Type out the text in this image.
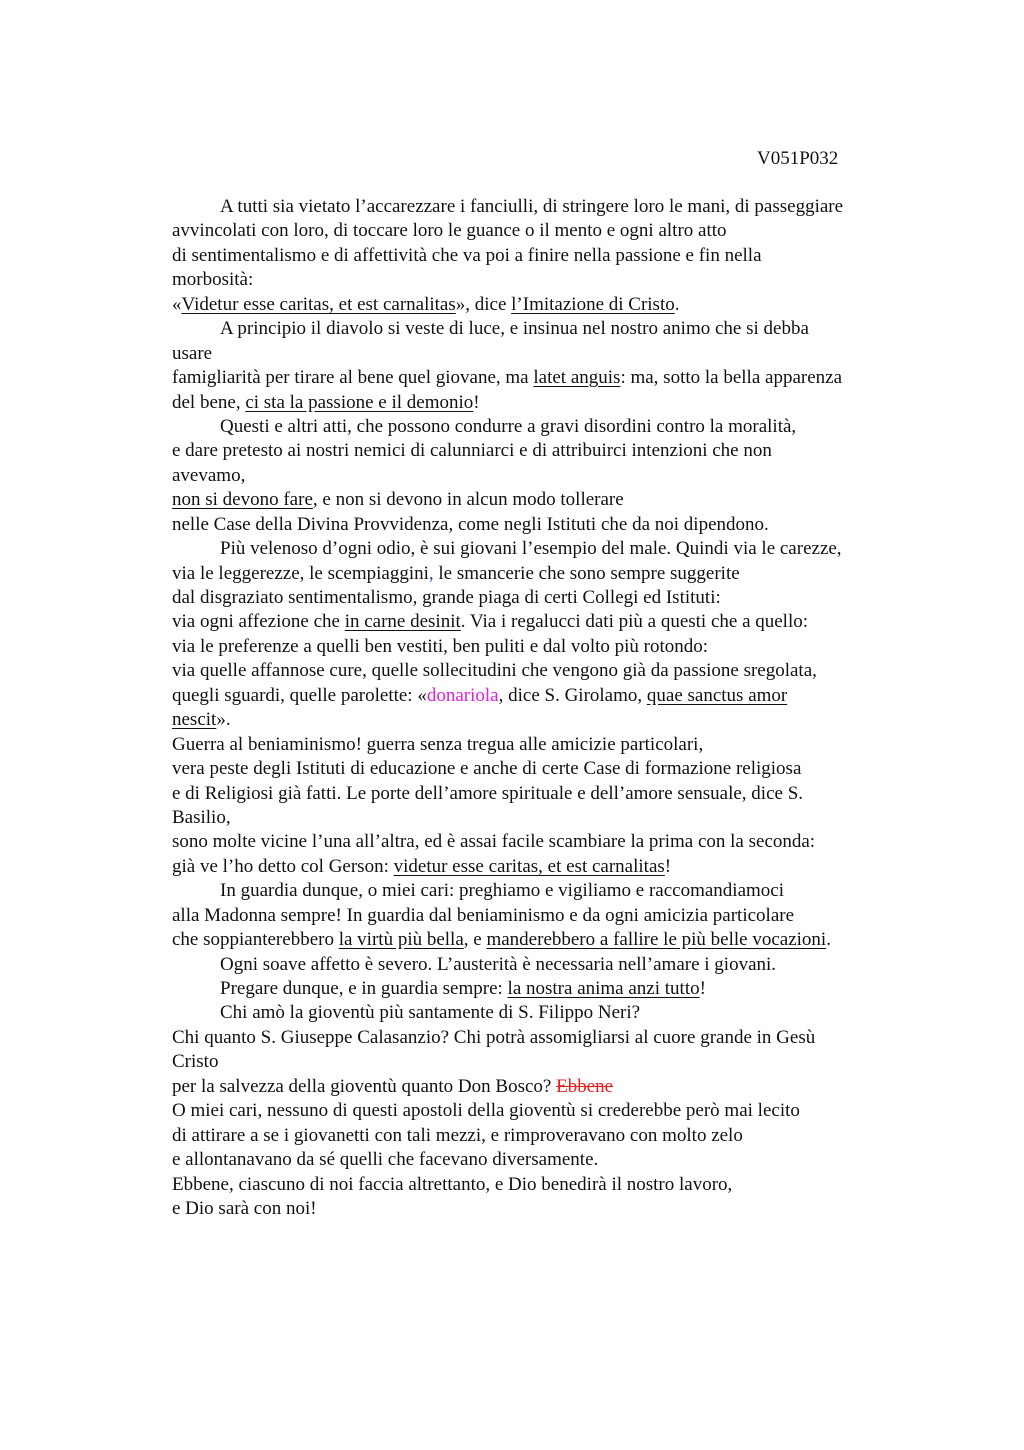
V051P032
A tutti sia vietato l’accarezzare i fanciulli, di stringere loro le mani, di passeggiare
avvincolati con loro, di toccare loro le guance o il mento e ogni altro atto
di sentimentalismo e di affettività che va poi a finire nella passione e fin nella
morbosità:
«Videtur esse caritas, et est carnalitas», dice l’Imitazione di Cristo.
A principio il diavolo si veste di luce, e insinua nel nostro animo che si debba
usare
famigliarità per tirare al bene quel giovane, ma latet anguis: ma, sotto la bella apparenza
del bene, ci sta la passione e il demonio!
Questi e altri atti, che possono condurre a gravi disordini contro la moralità,
e dare pretesto ai nostri nemici di calunniarci e di attribuirci intenzioni che non
avevamo,
non si devono fare, e non si devono in alcun modo tollerare
nelle Case della Divina Provvidenza, come negli Istituti che da noi dipendono.
Più velenoso d’ogni odio, è sui giovani l’esempio del male. Quindi via le carezze,
via le leggerezze, le scempiaggini, le smancerie che sono sempre suggerite
dal disgraziato sentimentalismo, grande piaga di certi Collegi ed Istituti:
via ogni affezione che in carne desinit. Via i regalucci dati più a questi che a quello:
via le preferenze a quelli ben vestiti, ben puliti e dal volto più rotondo:
via quelle affannose cure, quelle sollecitudini che vengono già da passione sregolata,
quegli sguardi, quelle parolette: «donariola, dice S. Girolamo, quae sanctus amor
nescit».
Guerra al beniaminismo! guerra senza tregua alle amicizie particolari,
vera peste degli Istituti di educazione e anche di certe Case di formazione religiosa
e di Religiosi già fatti. Le porte dell’amore spirituale e dell’amore sensuale, dice S.
Basilio,
sono molte vicine l’una all’altra, ed è assai facile scambiare la prima con la seconda:
già ve l’ho detto col Gerson: videtur esse caritas, et est carnalitas!
In guardia dunque, o miei cari: preghiamo e vigiliamo e raccomandiamoci
alla Madonna sempre! In guardia dal beniaminismo e da ogni amicizia particolare
che soppianterebbero la virtù più bella, e manderebbero a fallire le più belle vocazioni.
Ogni soave affetto è severo. L’austerità è necessaria nell’amare i giovani.
Pregare dunque, e in guardia sempre: la nostra anima anzi tutto!
Chi amò la gioventù più santamente di S. Filippo Neri?
Chi quanto S. Giuseppe Calasanzio? Chi potrà assomigliarsi al cuore grande in Gesù
Cristo
per la salvezza della gioventù quanto Don Bosco? Ebbene
O miei cari, nessuno di questi apostoli della gioventù si crederebbe però mai lecito
di attirare a se i giovanetti con tali mezzi, e rimproveravano con molto zelo
e allontanavano da sé quelli che facevano diversamente.
Ebbene, ciascuno di noi faccia altrettanto, e Dio benedirà il nostro lavoro,
e Dio sarà con noi!
